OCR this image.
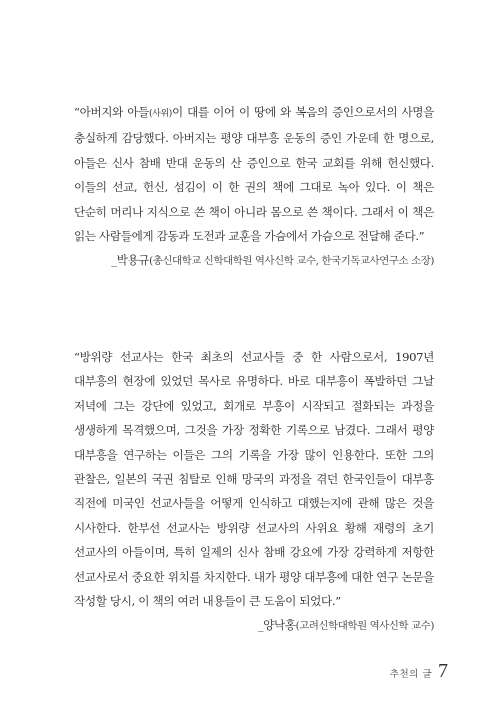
“아버지와 아들(사위)이 대를 이어 이 땅에 와 복음의 증인으로서의 사명을 충실하게 감당했다. 아버지는 평양 대부흥 운동의 증인 가운데 한 명으로, 아들은 신사 참배 반대 운동의 산 증인으로 한국 교회를 위해 헌신했다. 이들의 선교, 헌신, 섬김이 이 한 권의 책에 그대로 녹아 있다. 이 책은 단순히 머리나 지식으로 쓴 책이 아니라 몸으로 쓴 책이다. 그래서 이 책은 읽는 사람들에게 감동과 도전과 교훈을 가슴에서 가슴으로 전달해 준다.”

_박용규(총신대학교 신학대학원 역사신학 교수, 한국기독교사연구소 소장)

“방위량 선교사는 한국 최초의 선교사들 중 한 사람으로서, 1907년 대부흥의 현장에 있었던 목사로 유명하다. 바로 대부흥이 폭발하던 그날 저녁에 그는 강단에 있었고, 회개로 부흥이 시작되고 절화되는 과정을 생생하게 목격했으며, 그것을 가장 정확한 기록으로 남겼다. 그래서 평양 대부흥을 연구하는 이들은 그의 기록을 가장 많이 인용한다. 또한 그의 관찰은, 일본의 국권 침탈로 인해 망국의 과정을 겪던 한국인들이 대부흥 직전에 미국인 선교사들을 어떻게 인식하고 대했는지에 관해 많은 것을 시사한다. 한부선 선교사는 방위량 선교사의 사위요 황해 재령의 초기 선교사의 아들이며, 특히 일제의 신사 참배 강요에 가장 강력하게 저항한 선교사로서 중요한 위치를 차지한다. 내가 평양 대부흥에 대한 연구 논문을 작성할 당시, 이 책의 여러 내용들이 큰 도움이 되었다.”

_양낙홍(고려신학대학원 역사신학 교수)

추천의 글 7
